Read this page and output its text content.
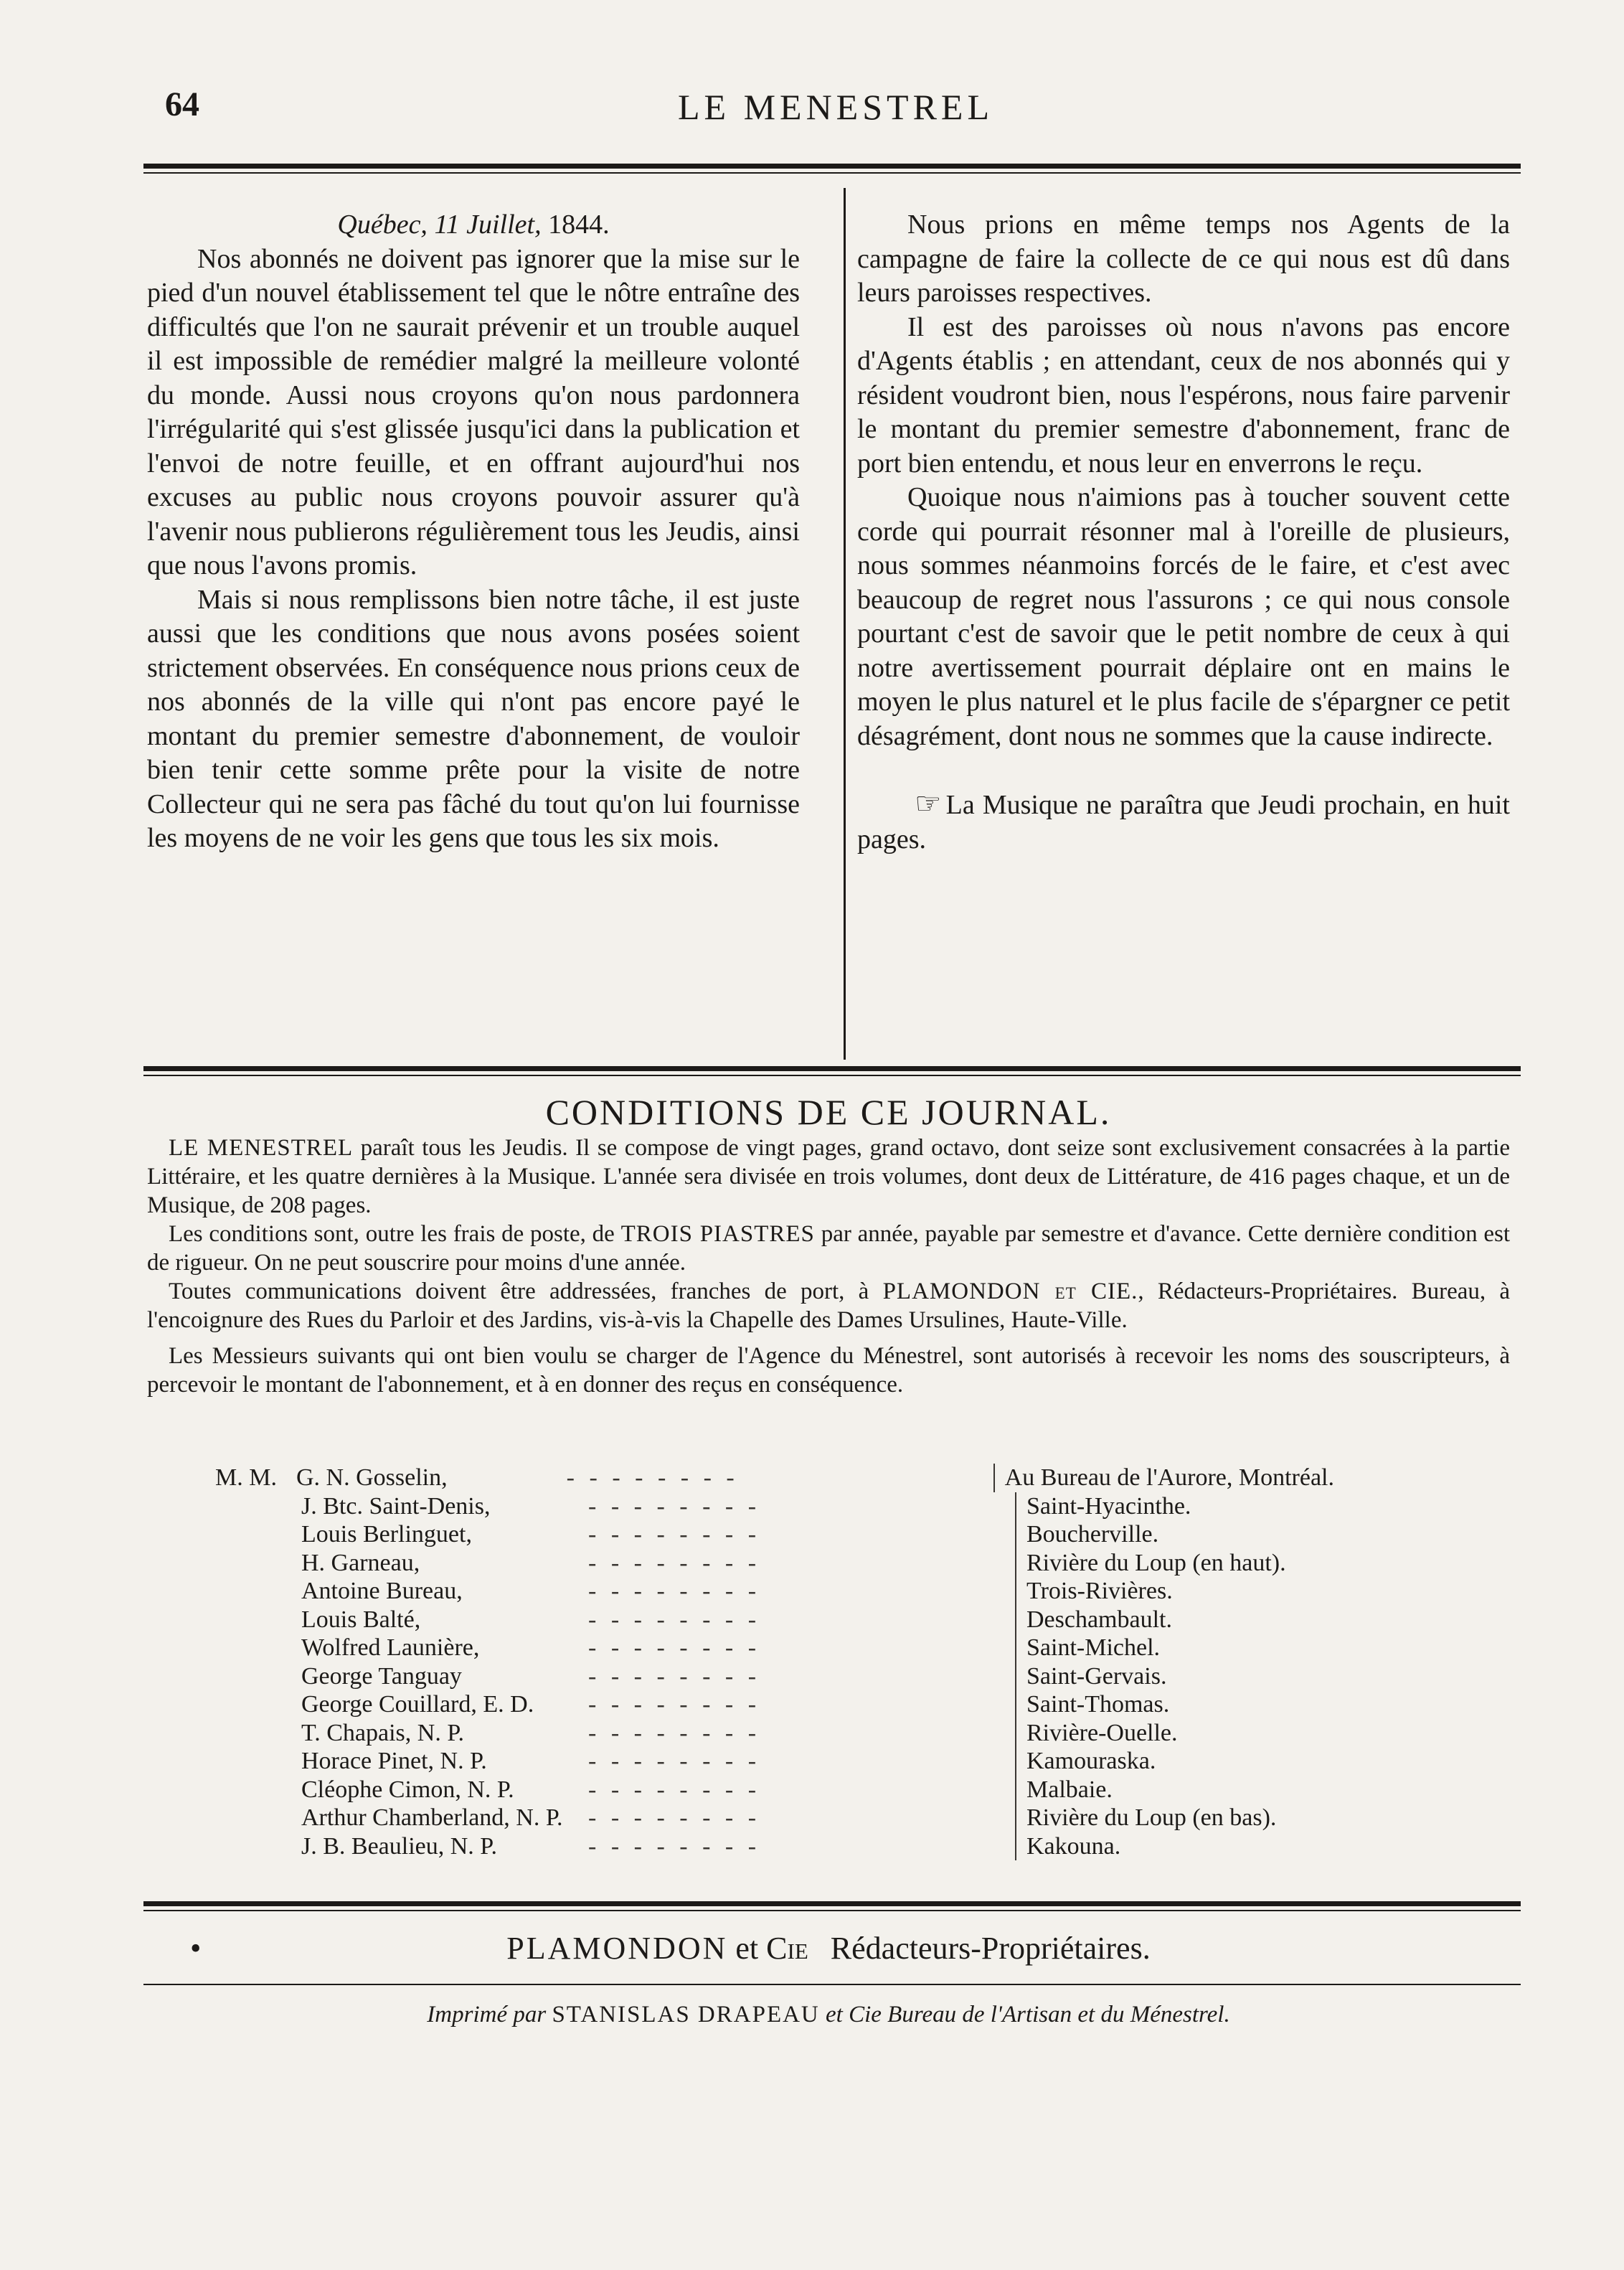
64	LE MENESTREL

Québec, 11 Juillet, 1844.

Nos abonnés ne doivent pas ignorer que la mise sur le pied d'un nouvel établissement tel que le nôtre entraîne des difficultés que l'on ne saurait prévenir et un trouble auquel il est impossible de remédier malgré la meilleure volonté du monde. Aussi nous croyons qu'on nous pardonnera l'irrégularité qui s'est glissée jusqu'ici dans la publication et l'envoi de notre feuille, et en offrant aujourd'hui nos excuses au public nous croyons pouvoir assurer qu'à l'avenir nous publierons régulièrement tous les Jeudis, ainsi que nous l'avons promis.

Mais si nous remplissons bien notre tâche, il est juste aussi que les conditions que nous avons posées soient strictement observées. En conséquence nous prions ceux de nos abonnés de la ville qui n'ont pas encore payé le montant du premier semestre d'abonnement, de vouloir bien tenir cette somme prête pour la visite de notre Collecteur qui ne sera pas fâché du tout qu'on lui fournisse les moyens de ne voir les gens que tous les six mois.

Nous prions en même temps nos Agents de la campagne de faire la collecte de ce qui nous est dû dans leurs paroisses respectives.

Il est des paroisses où nous n'avons pas encore d'Agents établis ; en attendant, ceux de nos abonnés qui y résident voudront bien, nous l'espérons, nous faire parvenir le montant du premier semestre d'abonnement, franc de port bien entendu, et nous leur en enverrons le reçu.

Quoique nous n'aimions pas à toucher souvent cette corde qui pourrait résonner mal à l'oreille de plusieurs, nous sommes néanmoins forcés de le faire, et c'est avec beaucoup de regret nous l'assurons ; ce qui nous console pourtant c'est de savoir que le petit nombre de ceux à qui notre avertissement pourrait déplaire ont en mains le moyen le plus naturel et le plus facile de s'épargner ce petit désagrément, dont nous ne sommes que la cause indirecte.

☞ La Musique ne paraîtra que Jeudi prochain, en huit pages.

CONDITIONS DE CE JOURNAL.

LE MENESTREL paraît tous les Jeudis. Il se compose de vingt pages, grand octavo, dont seize sont exclusivement consacrées à la partie Littéraire, et les quatre dernières à la Musique. L'année sera divisée en trois volumes, dont deux de Littérature, de 416 pages chaque, et un de Musique, de 208 pages.

Les conditions sont, outre les frais de poste, de TROIS PIASTRES par année, payable par semestre et d'avance. Cette dernière condition est de rigueur. On ne peut souscrire pour moins d'une année.

Toutes communications doivent être addressées, franches de port, à PLAMONDON et CIE., Rédacteurs-Propriétaires. Bureau, à l'encoignure des Rues du Parloir et des Jardins, vis-à-vis la Chapelle des Dames Ursulines, Haute-Ville.

Les Messieurs suivants qui ont bien voulu se charger de l'Agence du Ménestrel, sont autorisés à recevoir les noms des souscripteurs, à percevoir le montant de l'abonnement, et à en donner des reçus en conséquence.

M. M. G. N. Gosselin,	- - - - - - - -	Au Bureau de l'Aurore, Montréal.
J. Btc. Saint-Denis,	- - - - - - - -	Saint-Hyacinthe.
Louis Berlinguet,	- - - - - - - -	Boucherville.
H. Garneau,	- - - - - - - -	Rivière du Loup (en haut).
Antoine Bureau,	- - - - - - - -	Trois-Rivières.
Louis Balté,	- - - - - - - -	Deschambault.
Wolfred Launière,	- - - - - - - -	Saint-Michel.
George Tanguay	- - - - - - - -	Saint-Gervais.
George Couillard, E. D.	- - - - - - - -	Saint-Thomas.
T. Chapais, N. P.	- - - - - - - -	Rivière-Ouelle.
Horace Pinet, N. P.	- - - - - - - -	Kamouraska.
Cléophe Cimon, N. P.	- - - - - - - -	Malbaie.
Arthur Chamberland, N. P.	- - - - - - - -	Rivière du Loup (en bas).
J. B. Beaulieu, N. P.	- - - - - - - -	Kakouna.
•	PLAMONDON et Cie Rédacteurs-Propriétaires.
Imprimé par STANISLAS DRAPEAU et Cie Bureau de l'Artisan et du Ménestrel.
